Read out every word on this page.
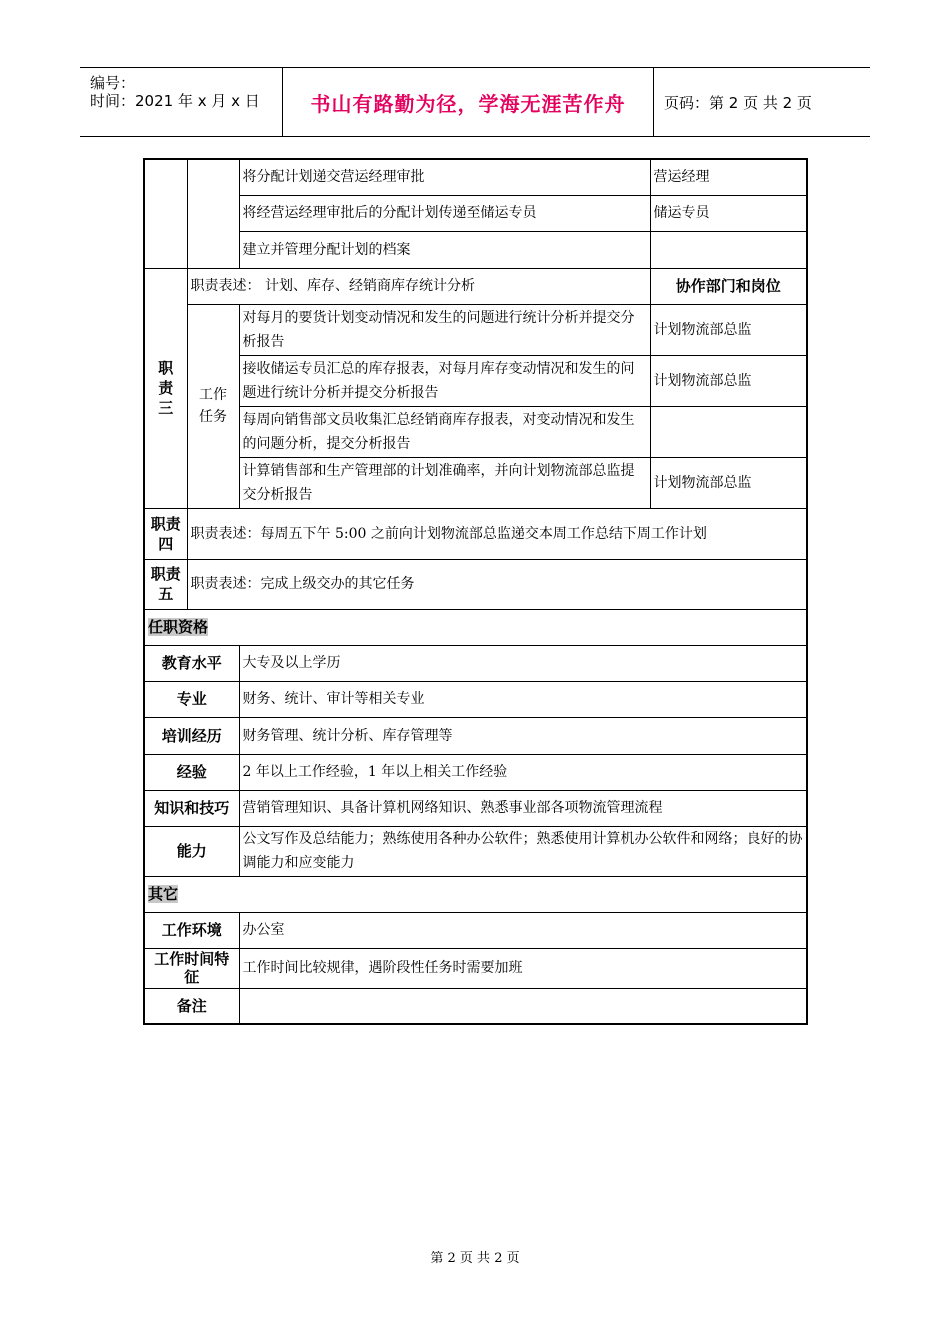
编号：
时间：2021 年 x 月 x 日	书山有路勤为径，学海无涯苦作舟	页码：第 2 页 共 2 页
		将分配计划递交营运经理审批	营运经理
		将经营运经理审批后的分配计划传递至储运专员	储运专员
		建立并管理分配计划的档案	
职责三	职责表述： 计划、库存、经销商库存统计分析		协作部门和岗位
	工作任务	对每月的要货计划变动情况和发生的问题进行统计分析并提交分析报告	计划物流部总监
		接收储运专员汇总的库存报表，对每月库存变动情况和发生的问题进行统计分析并提交分析报告	计划物流部总监
		每周向销售部文员收集汇总经销商库存报表，对变动情况和发生的问题分析，提交分析报告	
		计算销售部和生产管理部的计划准确率，并向计划物流部总监提交分析报告	计划物流部总监
职责四	职责表述：每周五下午 5:00 之前向计划物流部总监递交本周工作总结下周工作计划		
职责五	职责表述：完成上级交办的其它任务		
任职资格			
教育水平		大专及以上学历	
专业		财务、统计、审计等相关专业	
培训经历		财务管理、统计分析、库存管理等	
经验		2 年以上工作经验，1 年以上相关工作经验	
知识和技巧		营销管理知识、具备计算机网络知识、熟悉事业部各项物流管理流程	
能力		公文写作及总结能力；熟练使用各种办公软件；熟悉使用计算机办公软件和网络；良好的协调能力和应变能力	
其它			
工作环境		办公室	
工作时间特征		工作时间比较规律，遇阶段性任务时需要加班	
备注			
第 2 页 共 2 页
